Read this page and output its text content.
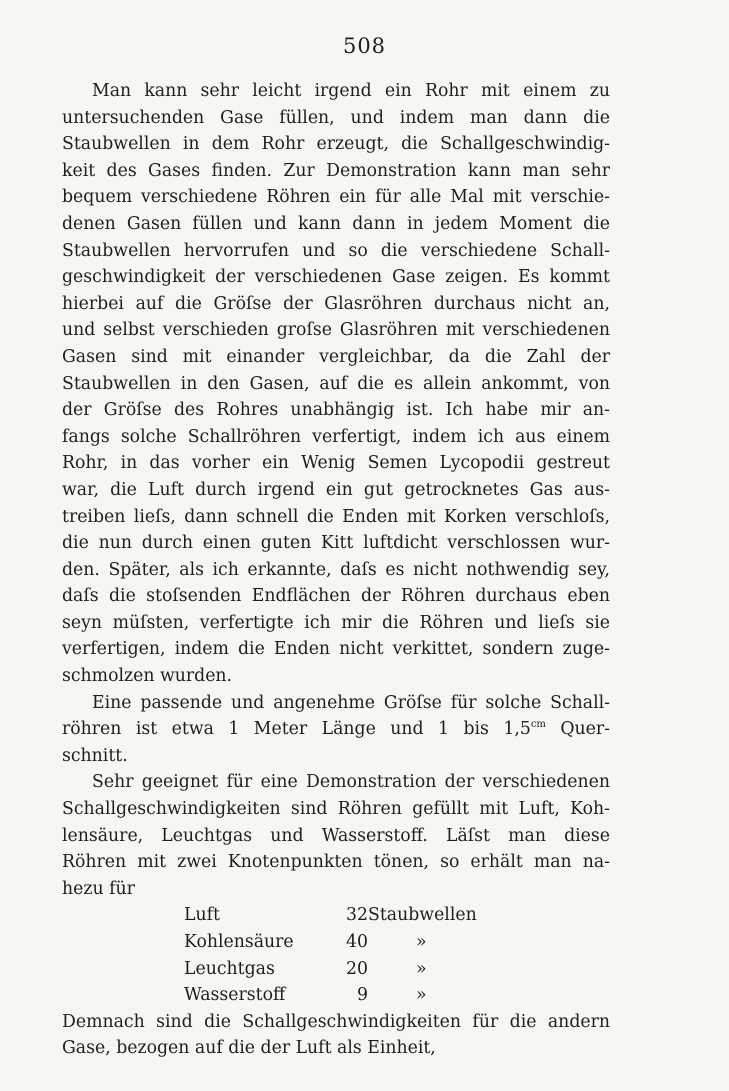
508
Man kann sehr leicht irgend ein Rohr mit einem zu
untersuchenden Gase füllen, und indem man dann die
Staubwellen in dem Rohr erzeugt, die Schallgeschwindig-
keit des Gases finden. Zur Demonstration kann man sehr
bequem verschiedene Röhren ein für alle Mal mit verschie-
denen Gasen füllen und kann dann in jedem Moment die
Staubwellen hervorrufen und so die verschiedene Schall-
geschwindigkeit der verschiedenen Gase zeigen. Es kommt
hierbei auf die Gröſse der Glasröhren durchaus nicht an,
und selbst verschieden groſse Glasröhren mit verschiedenen
Gasen sind mit einander vergleichbar, da die Zahl der
Staubwellen in den Gasen, auf die es allein ankommt, von
der Gröſse des Rohres unabhängig ist. Ich habe mir an-
fangs solche Schallröhren verfertigt, indem ich aus einem
Rohr, in das vorher ein Wenig Semen Lycopodii gestreut
war, die Luft durch irgend ein gut getrocknetes Gas aus-
treiben lieſs, dann schnell die Enden mit Korken verschloſs,
die nun durch einen guten Kitt luftdicht verschlossen wur-
den. Später, als ich erkannte, daſs es nicht nothwendig sey,
daſs die stoſsenden Endflächen der Röhren durchaus eben
seyn müſsten, verfertigte ich mir die Röhren und lieſs sie
verfertigen, indem die Enden nicht verkittet, sondern zuge-
schmolzen wurden.
Eine passende und angenehme Gröſse für solche Schall-
röhren ist etwa 1 Meter Länge und 1 bis $1,5^{cm}$ Quer-
schnitt.
Sehr geeignet für eine Demonstration der verschiedenen
Schallgeschwindigkeiten sind Röhren gefüllt mit Luft, Koh-
lensäure, Leuchtgas und Wasserstoff. Läſst man diese
Röhren mit zwei Knotenpunkten tönen, so erhält man na-
hezu für
Luft	32	Staubwellen
Kohlensäure	40	»
Leuchtgas	20	»
Wasserstoff	9	»
Demnach sind die Schallgeschwindigkeiten für die andern
Gase, bezogen auf die der Luft als Einheit,
